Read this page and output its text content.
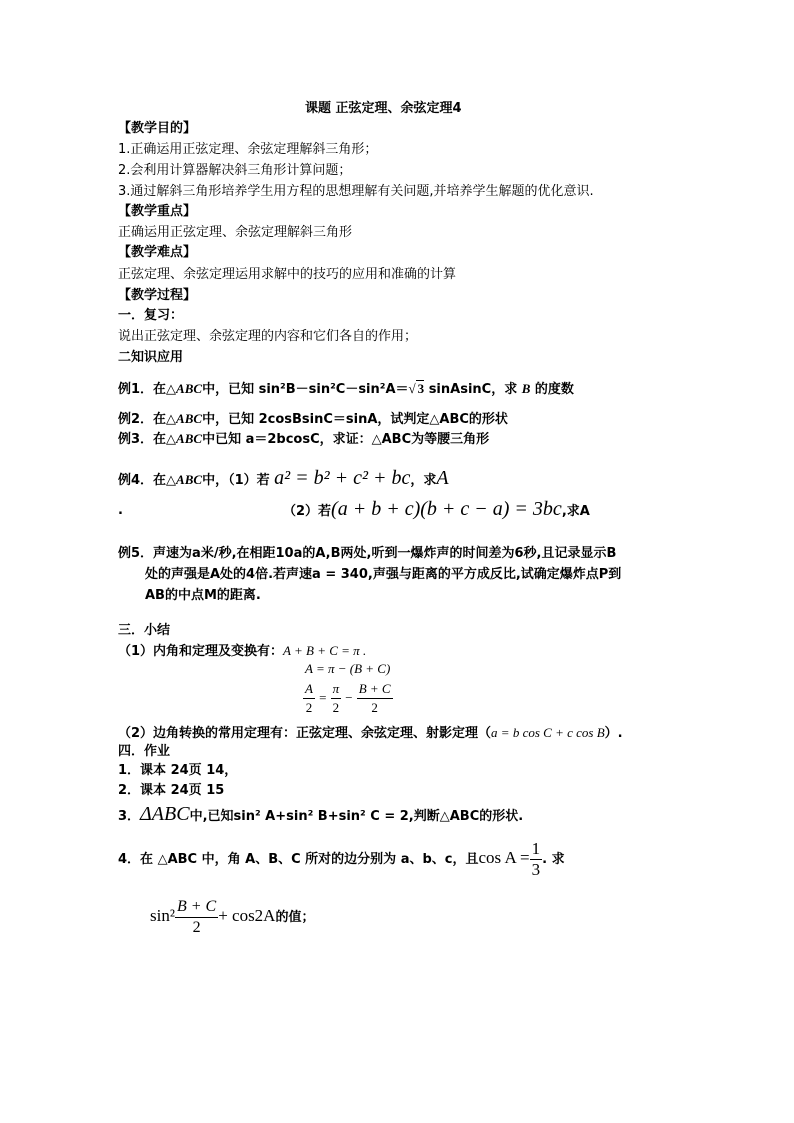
课题 正弦定理、余弦定理4
【教学目的】
1.正确运用正弦定理、余弦定理解斜三角形；
2.会利用计算器解决斜三角形计算问题；
3.通过解斜三角形培养学生用方程的思想理解有关问题,并培养学生解题的优化意识.
【教学重点】
正确运用正弦定理、余弦定理解斜三角形
【教学难点】
正弦定理、余弦定理运用求解中的技巧的应用和准确的计算
【教学过程】
一．复习：
说出正弦定理、余弦定理的内容和它们各自的作用；
二知识应用
例1．在△ABC中，已知 sin²B－sin²C－sin²A＝√ 3 sinAsinC，求 B 的度数
例2．在△ABC中，已知 2cosBsinC＝sinA，试判定△ABC的形状
例3．在△ABC中已知 a＝2bcosC，求证：△ABC为等腰三角形
例4．在△ABC中，（1）若 a² = b² + c² + bc，求A
.	（2）若(a + b + c)(b + c − a) = 3bc,求A
例5．声速为a米/秒,在相距10a的A,B两处,听到一爆炸声的时间差为6秒,且记录显示B
处的声强是A处的4倍.若声速a = 340,声强与距离的平方成反比,试确定爆炸点P到
AB的中点M的距离.
三．小结
（1）内角和定理及变换有：A + B + C = π .
A = π − (B + C)
$\frac{A}{2} = \frac{\pi}{2} - \frac{B + C}{2}$
（2）边角转换的常用定理有：正弦定理、余弦定理、射影定理（a = b cos C + c cos B）.
四．作业
1．课本 24页 14，
2．课本 24页 15
3．ΔABC中,已知sin² A+sin² B+sin² C = 2,判断△ABC的形状.
4．在 △ABC 中，角 A、B、C 所对的边分别为 a、b、c，且$\cos A = \frac{1}{3}$ . 求
$\sin^2 \frac{B + C}{2} + \cos 2A$的值；
